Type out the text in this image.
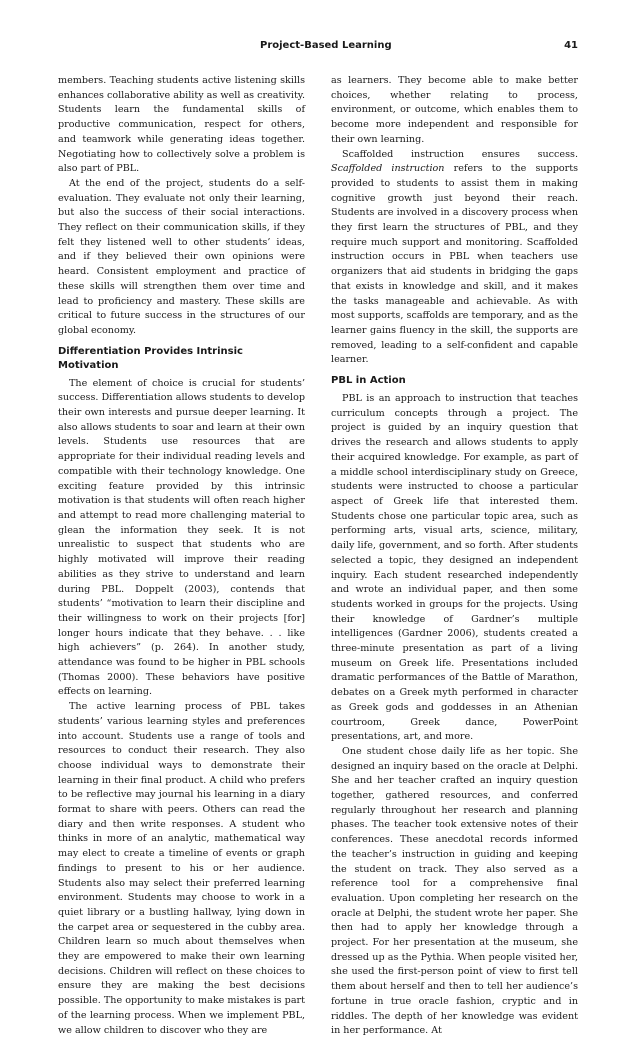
Project-Based Learning	41

members. Teaching students active listening skills enhances collaborative ability as well as creativity. Students learn the fundamental skills of productive communication, respect for others, and teamwork while generating ideas together. Negotiating how to collectively solve a problem is also part of PBL.

At the end of the project, students do a self-evaluation. They evaluate not only their learning, but also the success of their social interactions. They reflect on their communication skills, if they felt they listened well to other students’ ideas, and if they believed their own opinions were heard. Consistent employment and practice of these skills will strengthen them over time and lead to proficiency and mastery. These skills are critical to future success in the structures of our global economy.

Differentiation Provides Intrinsic Motivation

The element of choice is crucial for students’ success. Differentiation allows students to develop their own interests and pursue deeper learning. It also allows students to soar and learn at their own levels. Students use resources that are appropriate for their individual reading levels and compatible with their technology knowledge. One exciting feature provided by this intrinsic motivation is that students will often reach higher and attempt to read more challenging material to glean the information they seek. It is not unrealistic to suspect that students who are highly motivated will improve their reading abilities as they strive to understand and learn during PBL. Doppelt (2003), contends that students’ “motivation to learn their discipline and their willingness to work on their projects [for] longer hours indicate that they behave. . . like high achievers” (p. 264). In another study, attendance was found to be higher in PBL schools (Thomas 2000). These behaviors have positive effects on learning.

The active learning process of PBL takes students’ various learning styles and preferences into account. Students use a range of tools and resources to conduct their research. They also choose individual ways to demonstrate their learning in their final product. A child who prefers to be reflective may journal his learning in a diary format to share with peers. Others can read the diary and then write responses. A student who thinks in more of an analytic, mathematical way may elect to create a timeline of events or graph findings to present to his or her audience. Students also may select their preferred learning environment. Students may choose to work in a quiet library or a bustling hallway, lying down in the carpet area or sequestered in the cubby area. Children learn so much about themselves when they are empowered to make their own learning decisions. Children will reflect on these choices to ensure they are making the best decisions possible. The opportunity to make mistakes is part of the learning process. When we implement PBL, we allow children to discover who they are

as learners. They become able to make better choices, whether relating to process, environment, or outcome, which enables them to become more independent and responsible for their own learning.

Scaffolded instruction ensures success. Scaffolded instruction refers to the supports provided to students to assist them in making cognitive growth just beyond their reach. Students are involved in a discovery process when they first learn the structures of PBL, and they require much support and monitoring. Scaffolded instruction occurs in PBL when teachers use organizers that aid students in bridging the gaps that exists in knowledge and skill, and it makes the tasks manageable and achievable. As with most supports, scaffolds are temporary, and as the learner gains fluency in the skill, the supports are removed, leading to a self-confident and capable learner.

PBL in Action

PBL is an approach to instruction that teaches curriculum concepts through a project. The project is guided by an inquiry question that drives the research and allows students to apply their acquired knowledge. For example, as part of a middle school interdisciplinary study on Greece, students were instructed to choose a particular aspect of Greek life that interested them. Students chose one particular topic area, such as performing arts, visual arts, science, military, daily life, government, and so forth. After students selected a topic, they designed an independent inquiry. Each student researched independently and wrote an individual paper, and then some students worked in groups for the projects. Using their knowledge of Gardner’s multiple intelligences (Gardner 2006), students created a three-minute presentation as part of a living museum on Greek life. Presentations included dramatic performances of the Battle of Marathon, debates on a Greek myth performed in character as Greek gods and goddesses in an Athenian courtroom, Greek dance, PowerPoint presentations, art, and more.

One student chose daily life as her topic. She designed an inquiry based on the oracle at Delphi. She and her teacher crafted an inquiry question together, gathered resources, and conferred regularly throughout her research and planning phases. The teacher took extensive notes of their conferences. These anecdotal records informed the teacher’s instruction in guiding and keeping the student on track. They also served as a reference tool for a comprehensive final evaluation. Upon completing her research on the oracle at Delphi, the student wrote her paper. She then had to apply her knowledge through a project. For her presentation at the museum, she dressed up as the Pythia. When people visited her, she used the first-person point of view to first tell them about herself and then to tell her audience’s fortune in true oracle fashion, cryptic and in riddles. The depth of her knowledge was evident in her performance. At
